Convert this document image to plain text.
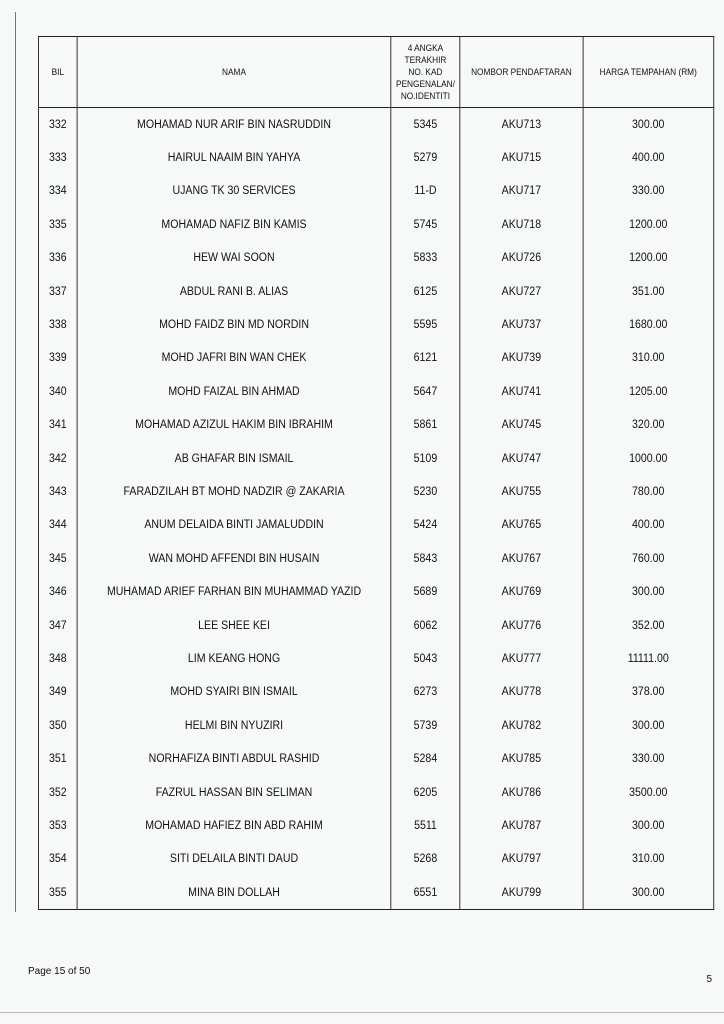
BIL	NAMA	4 ANGKA TERAKHIR
NO. KAD
PENGENALAN/
NO.IDENTITI	NOMBOR PENDAFTARAN	HARGA TEMPAHAN (RM)
332	MOHAMAD NUR ARIF BIN NASRUDDIN	5345	AKU713	300.00
333	HAIRUL NAAIM BIN YAHYA	5279	AKU715	400.00
334	UJANG TK 30 SERVICES	11-D	AKU717	330.00
335	MOHAMAD NAFIZ BIN KAMIS	5745	AKU718	1200.00
336	HEW WAI SOON	5833	AKU726	1200.00
337	ABDUL RANI B. ALIAS	6125	AKU727	351.00
338	MOHD FAIDZ BIN MD NORDIN	5595	AKU737	1680.00
339	MOHD JAFRI BIN WAN CHEK	6121	AKU739	310.00
340	MOHD FAIZAL BIN AHMAD	5647	AKU741	1205.00
341	MOHAMAD AZIZUL HAKIM BIN IBRAHIM	5861	AKU745	320.00
342	AB GHAFAR BIN ISMAIL	5109	AKU747	1000.00
343	FARADZILAH BT MOHD NADZIR @ ZAKARIA	5230	AKU755	780.00
344	ANUM DELAIDA BINTI JAMALUDDIN	5424	AKU765	400.00
345	WAN MOHD AFFENDI BIN HUSAIN	5843	AKU767	760.00
346	MUHAMAD ARIEF FARHAN BIN MUHAMMAD YAZID	5689	AKU769	300.00
347	LEE SHEE KEI	6062	AKU776	352.00
348	LIM KEANG HONG	5043	AKU777	11111.00
349	MOHD SYAIRI BIN ISMAIL	6273	AKU778	378.00
350	HELMI BIN NYUZIRI	5739	AKU782	300.00
351	NORHAFIZA BINTI ABDUL RASHID	5284	AKU785	330.00
352	FAZRUL HASSAN BIN SELIMAN	6205	AKU786	3500.00
353	MOHAMAD HAFIEZ BIN ABD RAHIM	5511	AKU787	300.00
354	SITI DELAILA BINTI DAUD	5268	AKU797	310.00
355	MINA BIN DOLLAH	6551	AKU799	300.00
Page 15 of 50
5
